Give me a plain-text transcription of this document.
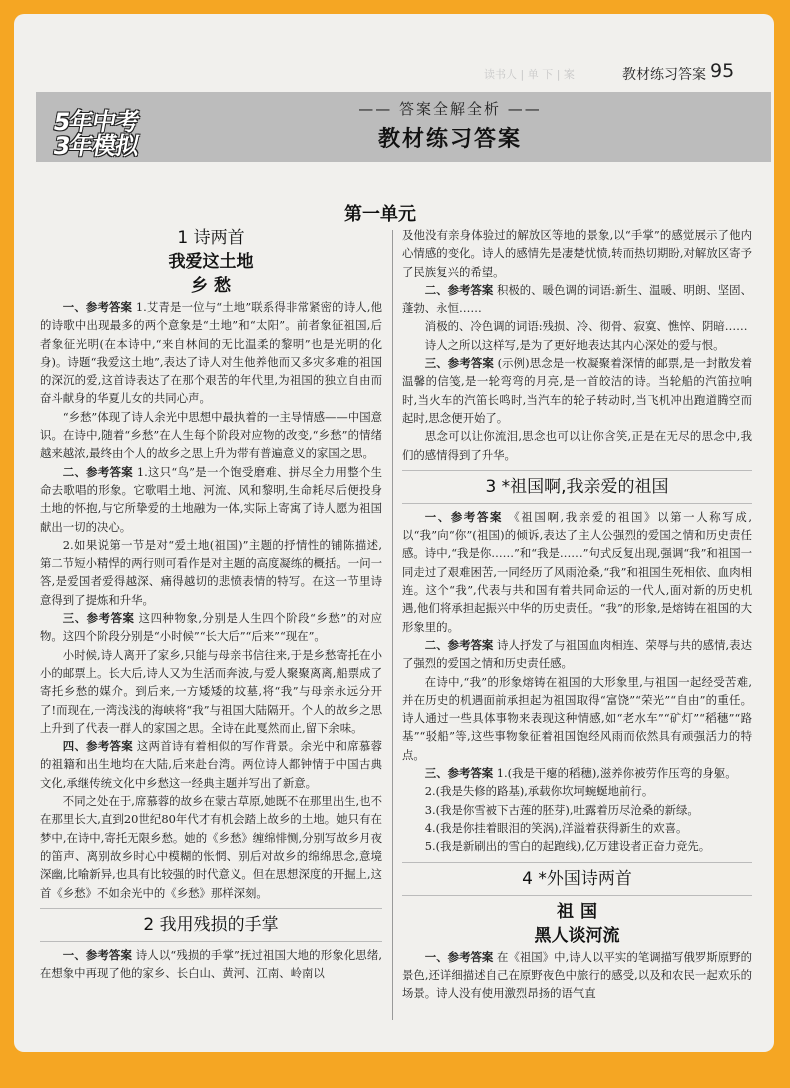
读书人 | 单 下 | 案	教材练习答案 95
5年中考
3年模拟
—— 答案全解全析 ——
教材练习答案
第一单元
1 诗两首
我爱这土地
乡 愁

一、参考答案 1.艾青是一位与“土地”联系得非常紧密的诗人,他的诗歌中出现最多的两个意象是“土地”和“太阳”。前者象征祖国,后者象征光明(在本诗中,“来自林间的无比温柔的黎明”也是光明的化身)。诗题“我爱这土地”,表达了诗人对生他养他而又多灾多难的祖国的深沉的爱,这首诗表达了在那个艰苦的年代里,为祖国的独立自由而奋斗献身的华夏儿女的共同心声。

“乡愁”体现了诗人余光中思想中最执着的一主导情感——中国意识。在诗中,随着“乡愁”在人生每个阶段对应物的改变,“乡愁”的情绪越来越浓,最终由个人的故乡之思上升为带有普遍意义的家国之思。

二、参考答案 1.这只“鸟”是一个饱受磨难、拼尽全力用整个生命去歌唱的形象。它歌唱土地、河流、风和黎明,生命耗尽后便投身土地的怀抱,与它所挚爱的土地融为一体,实际上寄寓了诗人愿为祖国献出一切的决心。

2.如果说第一节是对“爱土地(祖国)”主题的抒情性的铺陈描述,第二节短小精悍的两行则可看作是对主题的高度凝练的概括。一问一答,是爱国者爱得越深、痛得越切的悲愤表情的特写。在这一节里诗意得到了提炼和升华。

三、参考答案 这四种物象,分别是人生四个阶段“乡愁”的对应物。这四个阶段分别是“小时候”“长大后”“后来”“现在”。

小时候,诗人离开了家乡,只能与母亲书信往来,于是乡愁寄托在小小的邮票上。长大后,诗人又为生活而奔波,与爱人聚聚离离,船票成了寄托乡愁的媒介。到后来,一方矮矮的坟墓,将“我”与母亲永远分开了!而现在,一湾浅浅的海峡将“我”与祖国大陆隔开。个人的故乡之思上升到了代表一群人的家国之思。全诗在此戛然而止,留下余味。

四、参考答案 这两首诗有着相似的写作背景。余光中和席慕蓉的祖籍和出生地均在大陆,后来赴台湾。两位诗人都钟情于中国古典文化,承继传统文化中乡愁这一经典主题并写出了新意。

不同之处在于,席慕蓉的故乡在蒙古草原,她既不在那里出生,也不在那里长大,直到20世纪80年代才有机会踏上故乡的土地。她只有在梦中,在诗中,寄托无限乡愁。她的《乡愁》缠绵悱恻,分别写故乡月夜的笛声、离别故乡时心中模糊的怅惘、别后对故乡的绵绵思念,意境深幽,比喻新异,也具有比较强的时代意义。但在思想深度的开掘上,这首《乡愁》不如余光中的《乡愁》那样深刻。

2 我用残损的手掌

一、参考答案 诗人以“残损的手掌”抚过祖国大地的形象化思绪,在想象中再现了他的家乡、长白山、黄河、江南、岭南以

及他没有亲身体验过的解放区等地的景象,以“手掌”的感觉展示了他内心情感的变化。诗人的感情先是凄楚忧愤,转而热切期盼,对解放区寄予了民族复兴的希望。

二、参考答案 积极的、暖色调的词语:新生、温暖、明朗、坚固、蓬勃、永恒……

消极的、冷色调的词语:残损、冷、彻骨、寂寞、憔悴、阴暗……

诗人之所以这样写,是为了更好地表达其内心深处的爱与恨。

三、参考答案 (示例)思念是一枚凝聚着深情的邮票,是一封散发着温馨的信笺,是一轮弯弯的月亮,是一首皎洁的诗。当轮船的汽笛拉响时,当火车的汽笛长鸣时,当汽车的轮子转动时,当飞机冲出跑道腾空而起时,思念便开始了。

思念可以让你流泪,思念也可以让你含笑,正是在无尽的思念中,我们的感情得到了升华。

3 *祖国啊,我亲爱的祖国

一、参考答案 《祖国啊,我亲爱的祖国》以第一人称写成,以“我”向“你”(祖国)的倾诉,表达了主人公强烈的爱国之情和历史责任感。诗中,“我是你……”和“我是……”句式反复出现,强调“我”和祖国一同走过了艰难困苦,一同经历了风雨沧桑,“我”和祖国生死相依、血肉相连。这个“我”,代表与共和国有着共同命运的一代人,面对新的历史机遇,他们将承担起振兴中华的历史责任。“我”的形象,是熔铸在祖国的大形象里的。

二、参考答案 诗人抒发了与祖国血肉相连、荣辱与共的感情,表达了强烈的爱国之情和历史责任感。

在诗中,“我”的形象熔铸在祖国的大形象里,与祖国一起经受苦难,并在历史的机遇面前承担起为祖国取得“富饶”“荣光”“自由”的重任。诗人通过一些具体事物来表现这种情感,如“老水车”“矿灯”“稻穗”“路基”“驳船”等,这些事物象征着祖国饱经风雨而依然具有顽强活力的特点。

三、参考答案 1.(我是干瘪的稻穗),滋养你被劳作压弯的身躯。

2.(我是失修的路基),承载你坎坷蜿蜒地前行。

3.(我是你雪被下古莲的胚芽),吐露着历尽沧桑的新绿。

4.(我是你挂着眼泪的笑涡),洋溢着获得新生的欢喜。

5.(我是新刷出的雪白的起跑线),亿万建设者正奋力竞先。

4 *外国诗两首
祖 国
黑人谈河流

一、参考答案 在《祖国》中,诗人以平实的笔调描写俄罗斯原野的景色,还详细描述自己在原野夜色中旅行的感受,以及和农民一起欢乐的场景。诗人没有使用激烈昂扬的语气直
